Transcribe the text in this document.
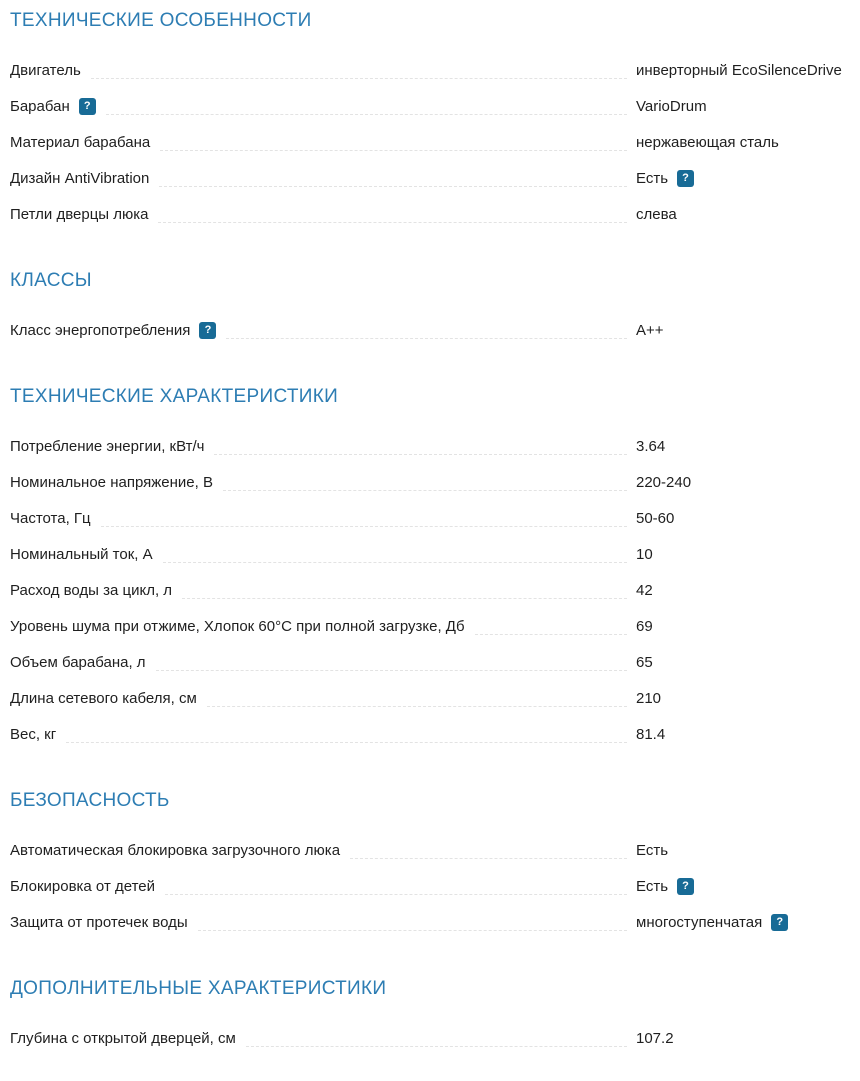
ТЕХНИЧЕСКИЕ ОСОБЕННОСТИ
Двигатель	инверторный EcoSilenceDrive
Барабан	?	VarioDrum
Материал барабана	нержавеющая сталь
Дизайн AntiVibration	Есть	?
Петли дверцы люка	слева
КЛАССЫ
Класс энергопотребления	?	A++
ТЕХНИЧЕСКИЕ ХАРАКТЕРИСТИКИ
Потребление энергии, кВт/ч	3.64
Номинальное напряжение, В	220-240
Частота, Гц	50-60
Номинальный ток, А	10
Расход воды за цикл, л	42
Уровень шума при отжиме, Хлопок 60°С при полной загрузке, Дб	69
Объем барабана, л	65
Длина сетевого кабеля, см	210
Вес, кг	81.4
БЕЗОПАСНОСТЬ
Автоматическая блокировка загрузочного люка	Есть
Блокировка от детей	Есть	?
Защита от протечек воды	многоступенчатая	?
ДОПОЛНИТЕЛЬНЫЕ ХАРАКТЕРИСТИКИ
Глубина с открытой дверцей, см	107.2
